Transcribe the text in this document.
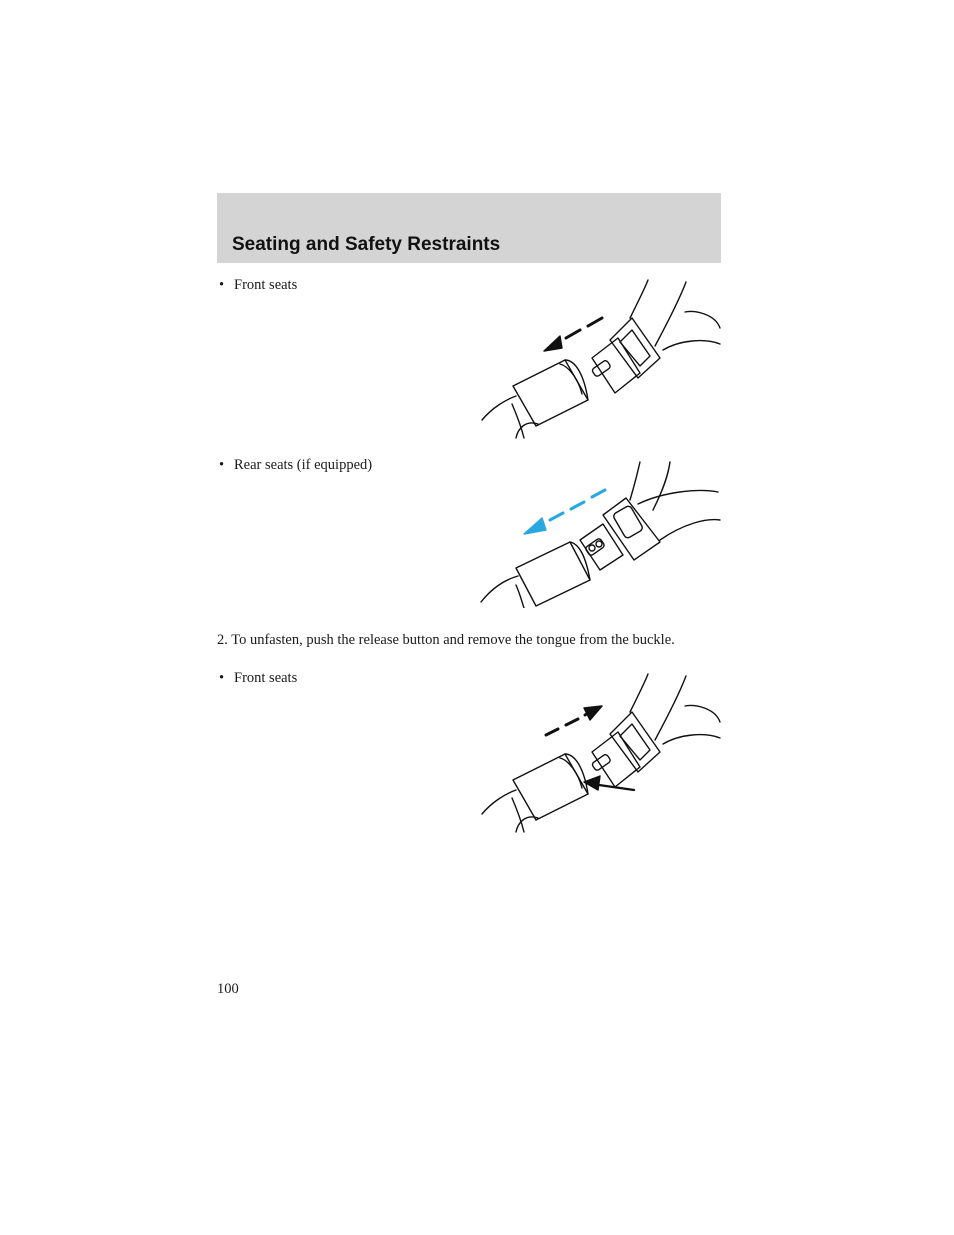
Seating and Safety Restraints
• Front seats
• Rear seats (if equipped)
2. To unfasten, push the release button and remove the tongue from the buckle.
• Front seats
100
